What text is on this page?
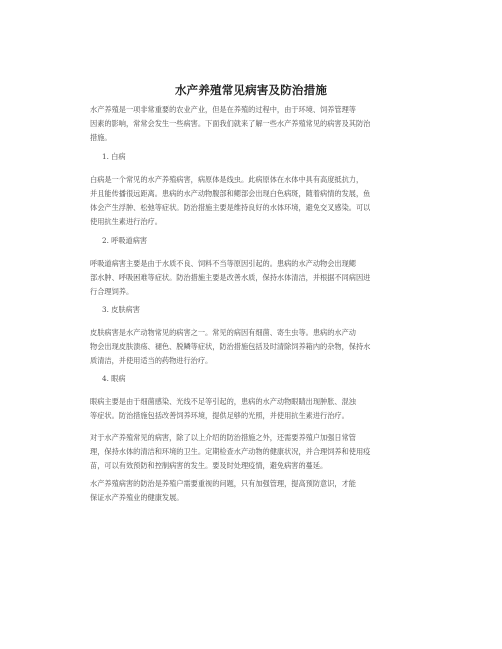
水产养殖常见病害及防治措施
水产养殖是一项非常重要的农业产业，但是在养殖的过程中，由于环境、饲养管理等
因素的影响，常常会发生一些病害。下面我们就来了解一些水产养殖常见的病害及其防治
措施。
1. 白病
白病是一个常见的水产养殖病害，病原体是线虫。此病原体在水体中具有高度抵抗力，
并且能传播很远距离。患病的水产动物腹部和鳃部会出现白色病斑，随着病情的发展，鱼
体会产生浮肿、松弛等症状。防治措施主要是维持良好的水体环境，避免交叉感染。可以
使用抗生素进行治疗。
2. 呼吸道病害
呼吸道病害主要是由于水质不良、饲料不当等原因引起的。患病的水产动物会出现鳃
部水肿、呼吸困难等症状。防治措施主要是改善水质，保持水体清洁，并根据不同病因进
行合理饲养。
3. 皮肤病害
皮肤病害是水产动物常见的病害之一。常见的病因有细菌、寄生虫等。患病的水产动
物会出现皮肤溃疡、褪色、脱鳞等症状，防治措施包括及时清除饲养箱内的杂物，保持水
质清洁，并使用适当的药物进行治疗。
4. 眼病
眼病主要是由于细菌感染、光线不足等引起的，患病的水产动物眼睛出现肿胀、混浊
等症状。防治措施包括改善饲养环境，提供足够的光照，并使用抗生素进行治疗。
对于水产养殖常见的病害，除了以上介绍的防治措施之外，还需要养殖户加强日常管
理，保持水体的清洁和环境的卫生。定期检查水产动物的健康状况，并合理饲养和使用疫
苗，可以有效预防和控制病害的发生。要及时处理疫情，避免病害的蔓延。
水产养殖病害的防治是养殖户需要重视的问题，只有加强管理，提高预防意识，才能
保证水产养殖业的健康发展。
